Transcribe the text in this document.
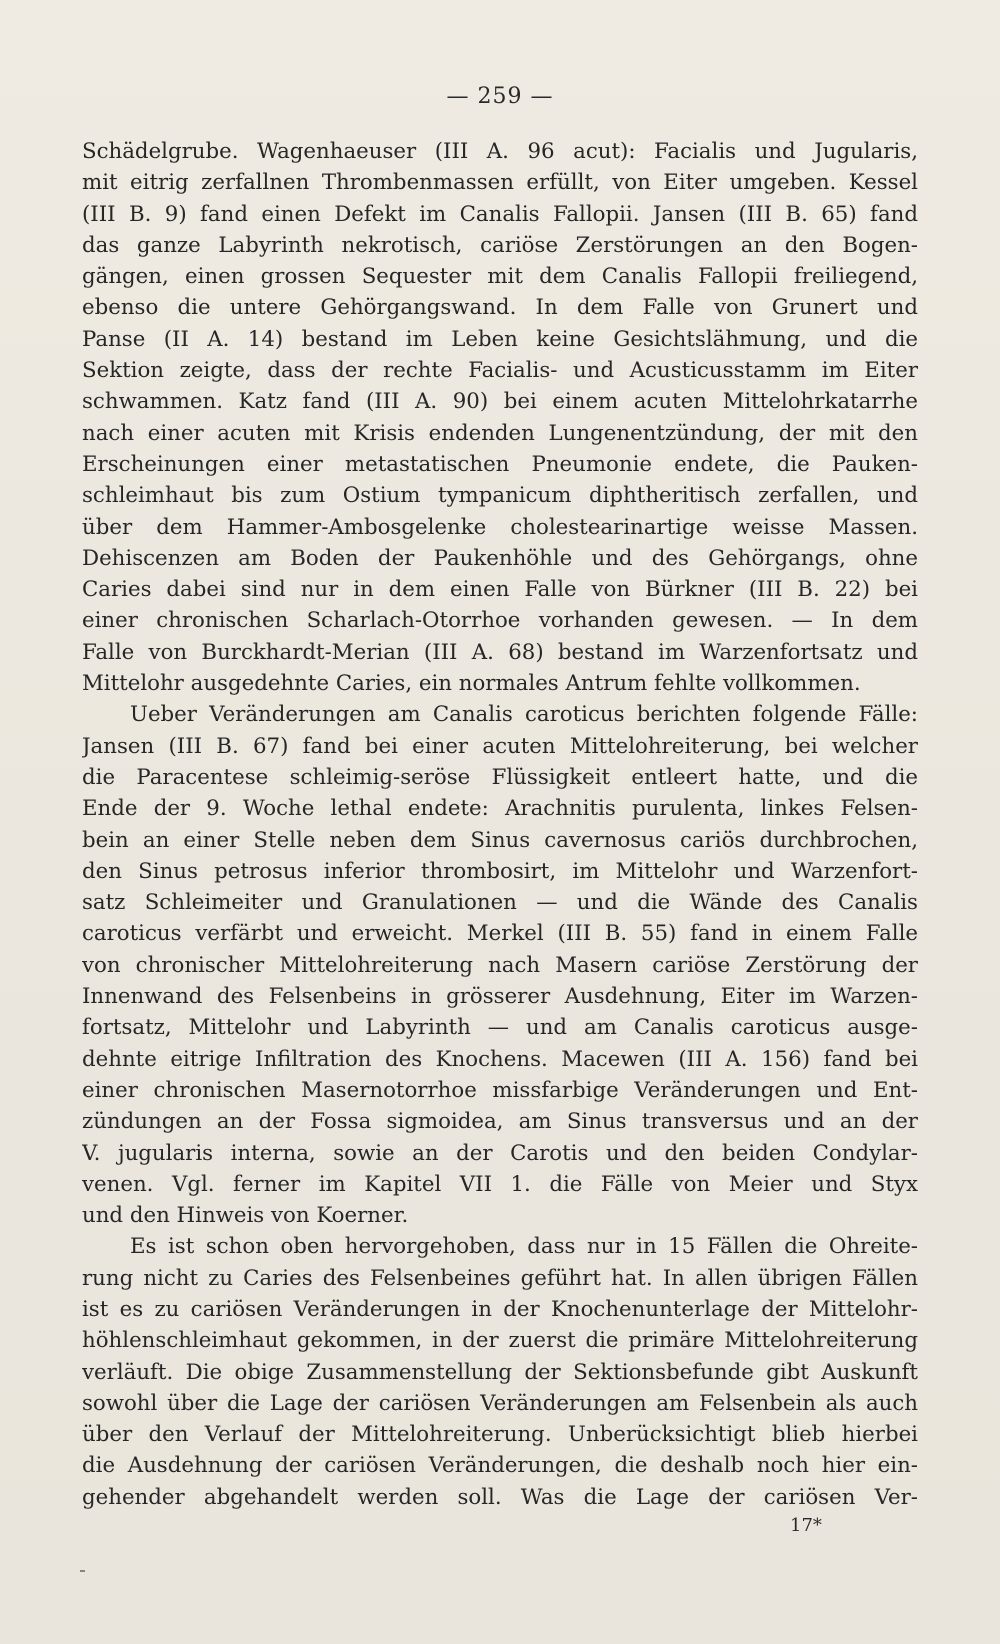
— 259 —
Schädelgrube. Wagenhaeuser (III A. 96 acut): Facialis und Jugularis,
mit eitrig zerfallnen Thrombenmassen erfüllt, von Eiter umgeben. Kessel
(III B. 9) fand einen Defekt im Canalis Fallopii. Jansen (III B. 65) fand
das ganze Labyrinth nekrotisch, cariöse Zerstörungen an den Bogen-
gängen, einen grossen Sequester mit dem Canalis Fallopii freiliegend,
ebenso die untere Gehörgangswand. In dem Falle von Grunert und
Panse (II A. 14) bestand im Leben keine Gesichtslähmung, und die
Sektion zeigte, dass der rechte Facialis- und Acusticusstamm im Eiter
schwammen. Katz fand (III A. 90) bei einem acuten Mittelohrkatarrhe
nach einer acuten mit Krisis endenden Lungenentzündung, der mit den
Erscheinungen einer metastatischen Pneumonie endete, die Pauken-
schleimhaut bis zum Ostium tympanicum diphtheritisch zerfallen, und
über dem Hammer-Ambosgelenke cholestearinartige weisse Massen.
Dehiscenzen am Boden der Paukenhöhle und des Gehörgangs, ohne
Caries dabei sind nur in dem einen Falle von Bürkner (III B. 22) bei
einer chronischen Scharlach-Otorrhoe vorhanden gewesen. — In dem
Falle von Burckhardt-Merian (III A. 68) bestand im Warzenfortsatz und
Mittelohr ausgedehnte Caries, ein normales Antrum fehlte vollkommen.
Ueber Veränderungen am Canalis caroticus berichten folgende Fälle:
Jansen (III B. 67) fand bei einer acuten Mittelohreiterung, bei welcher
die Paracentese schleimig-seröse Flüssigkeit entleert hatte, und die
Ende der 9. Woche lethal endete: Arachnitis purulenta, linkes Felsen-
bein an einer Stelle neben dem Sinus cavernosus cariös durchbrochen,
den Sinus petrosus inferior thrombosirt, im Mittelohr und Warzenfort-
satz Schleimeiter und Granulationen — und die Wände des Canalis
caroticus verfärbt und erweicht. Merkel (III B. 55) fand in einem Falle
von chronischer Mittelohreiterung nach Masern cariöse Zerstörung der
Innenwand des Felsenbeins in grösserer Ausdehnung, Eiter im Warzen-
fortsatz, Mittelohr und Labyrinth — und am Canalis caroticus ausge-
dehnte eitrige Infiltration des Knochens. Macewen (III A. 156) fand bei
einer chronischen Masernotorrhoe missfarbige Veränderungen und Ent-
zündungen an der Fossa sigmoidea, am Sinus transversus und an der
V. jugularis interna, sowie an der Carotis und den beiden Condylar-
venen. Vgl. ferner im Kapitel VII 1. die Fälle von Meier und Styx
und den Hinweis von Koerner.
Es ist schon oben hervorgehoben, dass nur in 15 Fällen die Ohreite-
rung nicht zu Caries des Felsenbeines geführt hat. In allen übrigen Fällen
ist es zu cariösen Veränderungen in der Knochenunterlage der Mittelohr-
höhlenschleimhaut gekommen, in der zuerst die primäre Mittelohreiterung
verläuft. Die obige Zusammenstellung der Sektionsbefunde gibt Auskunft
sowohl über die Lage der cariösen Veränderungen am Felsenbein als auch
über den Verlauf der Mittelohreiterung. Unberücksichtigt blieb hierbei
die Ausdehnung der cariösen Veränderungen, die deshalb noch hier ein-
gehender abgehandelt werden soll. Was die Lage der cariösen Ver-
17*
